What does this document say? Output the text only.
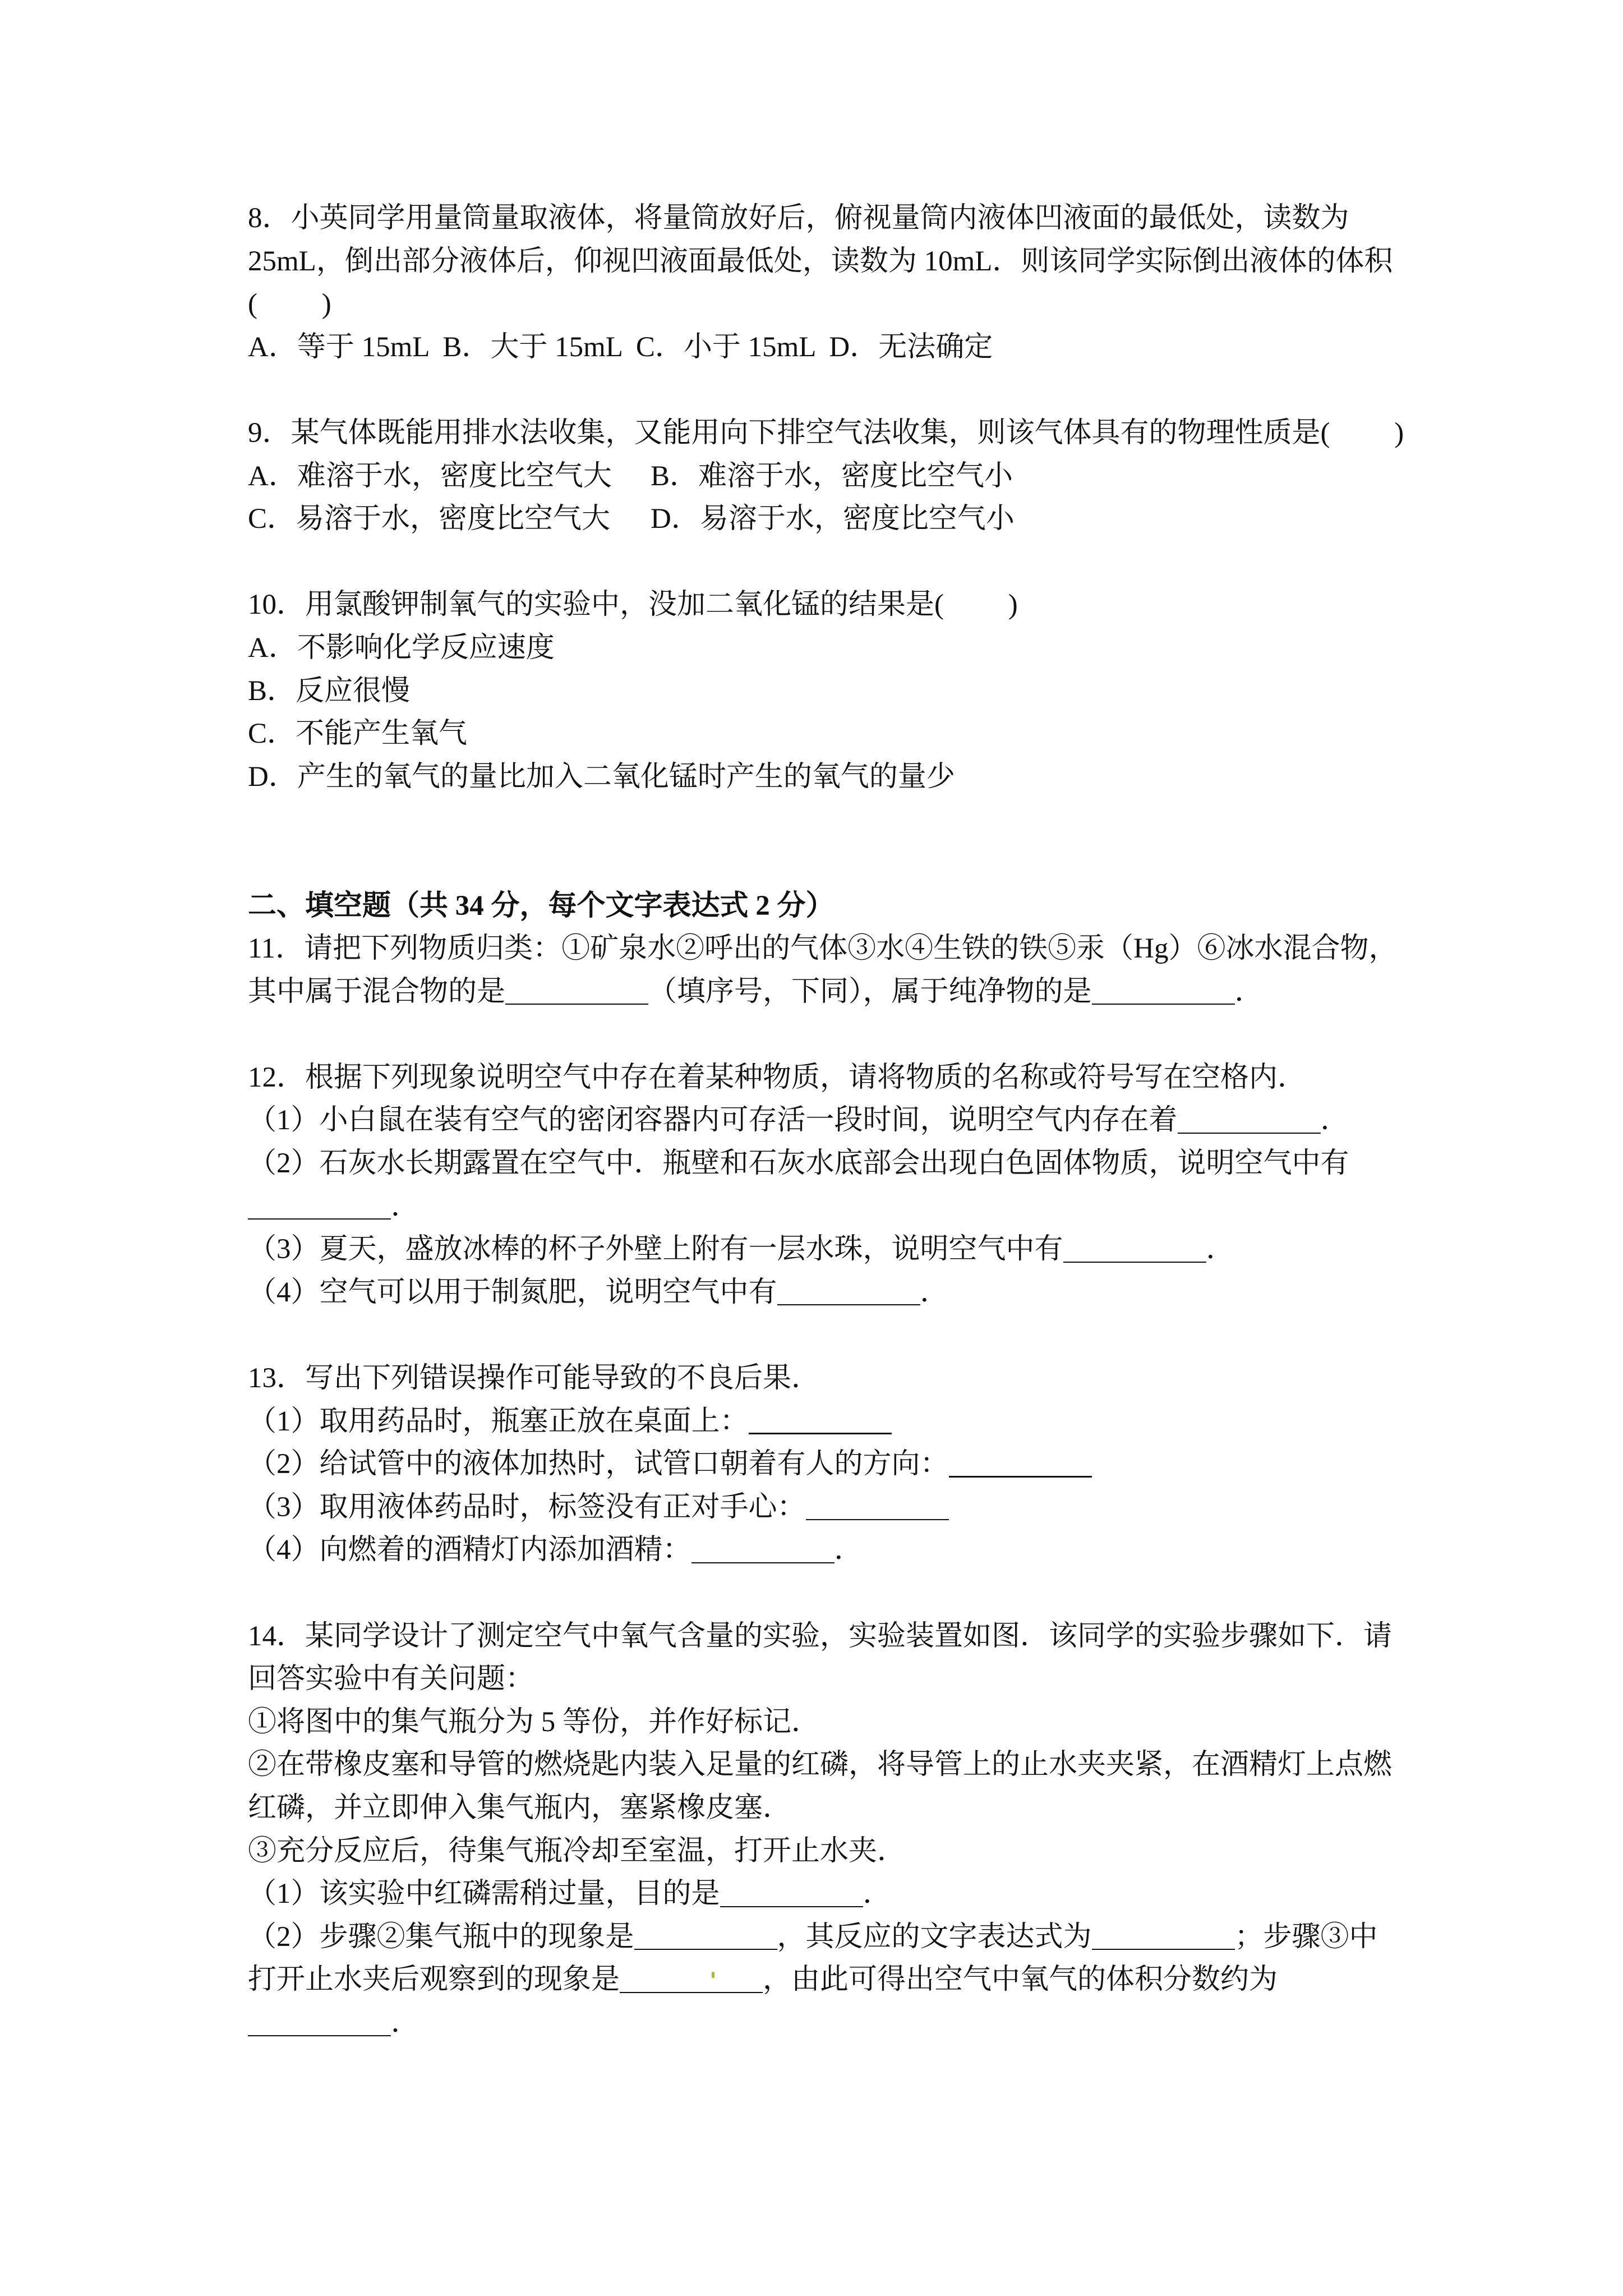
8．小英同学用量筒量取液体，将量筒放好后，俯视量筒内液体凹液面的最低处，读数为
25mL，倒出部分液体后，仰视凹液面最低处，读数为 10mL．则该同学实际倒出液体的体积
(　　 )
A．等于 15mL B．大于 15mL C．小于 15mL D．无法确定
9．某气体既能用排水法收集，又能用向下排空气法收集，则该气体具有的物理性质是(　　 )
A．难溶于水，密度比空气大 B．难溶于水，密度比空气小
C．易溶于水，密度比空气大 D．易溶于水，密度比空气小
10．用氯酸钾制氧气的实验中，没加二氧化锰的结果是(　　 )
A．不影响化学反应速度
B．反应很慢
C．不能产生氧气
D．产生的氧气的量比加入二氧化锰时产生的氧气的量少
二、填空题（共 34 分，每个文字表达式 2 分）
11．请把下列物质归类：①矿泉水②呼出的气体③水④生铁的铁⑤汞（Hg）⑥冰水混合物，
其中属于混合物的是	（填序号，下同），属于纯净物的是	．
12．根据下列现象说明空气中存在着某种物质，请将物质的名称或符号写在空格内．
（1）小白鼠在装有空气的密闭容器内可存活一段时间，说明空气内存在着	．
（2）石灰水长期露置在空气中．瓶壁和石灰水底部会出现白色固体物质，说明空气中有
．
（3）夏天，盛放冰棒的杯子外壁上附有一层水珠，说明空气中有	．
（4）空气可以用于制氮肥，说明空气中有	．
13．写出下列错误操作可能导致的不良后果．
（1）取用药品时，瓶塞正放在桌面上：
（2）给试管中的液体加热时，试管口朝着有人的方向：
（3）取用液体药品时，标签没有正对手心：
（4）向燃着的酒精灯内添加酒精：	．
14．某同学设计了测定空气中氧气含量的实验，实验装置如图．该同学的实验步骤如下．请
回答实验中有关问题：
①将图中的集气瓶分为 5 等份，并作好标记．
②在带橡皮塞和导管的燃烧匙内装入足量的红磷，将导管上的止水夹夹紧，在酒精灯上点燃
红磷，并立即伸入集气瓶内，塞紧橡皮塞．
③充分反应后，待集气瓶冷却至室温，打开止水夹．
（1）该实验中红磷需稍过量，目的是	．
（2）步骤②集气瓶中的现象是	，其反应的文字表达式为	；步骤③中
打开止水夹后观察到的现象是	，由此可得出空气中氧气的体积分数约为
．
